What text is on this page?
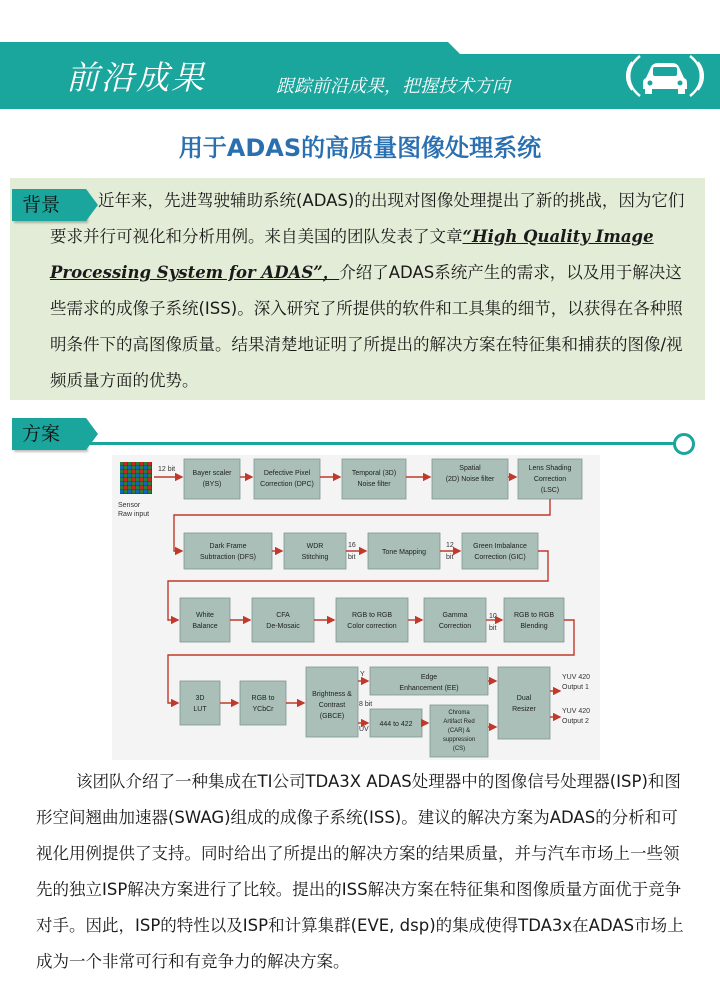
前沿成果	跟踪前沿成果，把握技术方向
用于ADAS的高质量图像处理系统
背景	近年来，先进驾驶辅助系统(ADAS)的出现对图像处理提出了新的挑战，因为它们要求并行可视化和分析用例。来自美国的团队发表了文章“High Quality Image Processing System for ADAS”，介绍了ADAS系统产生的需求，以及用于解决这些需求的成像子系统(ISS)。深入研究了所提供的软件和工具集的细节，以获得在各种照明条件下的高图像质量。结果清楚地证明了所提出的解决方案在特征集和捕获的图像/视频质量方面的优势。
方案
Sensor
Raw input
12 bit
Bayer scaler
(BYS)
Defective Pixel
Correction (DPC)
Temporal (3D)
Noise filter
Spatial
(2D) Noise filter
Lens Shading
Correction
(LSC)
Dark Frame
Subtraction (DFS)
WDR
Stitching
Tone Mapping
Green Imbalance
Correction (GIC)
16
bit
12
bit
White
Balance
CFA
De-Mosaic
RGB to RGB
Color correction
Gamma
Correction
RGB to RGB
Blending
10
bit
3D
LUT
RGB to
YCbCr
Brightness &
Contrast
(GBCE)
Edge
Enhancement (EE)
444 to 422
Chroma
Artifact Red
(CAR) &
suppression
(CS)
Dual
Resizer
Y
8 bit
UV
YUV 420
Output 1
YUV 420
Output 2
该团队介绍了一种集成在TI公司TDA3X ADAS处理器中的图像信号处理器(ISP)和图形空间翘曲加速器(SWAG)组成的成像子系统(ISS)。建议的解决方案为ADAS的分析和可视化用例提供了支持。同时给出了所提出的解决方案的结果质量，并与汽车市场上一些领先的独立ISP解决方案进行了比较。提出的ISS解决方案在特征集和图像质量方面优于竞争对手。因此，ISP的特性以及ISP和计算集群(EVE, dsp)的集成使得TDA3x在ADAS市场上成为一个非常可行和有竞争力的解决方案。
